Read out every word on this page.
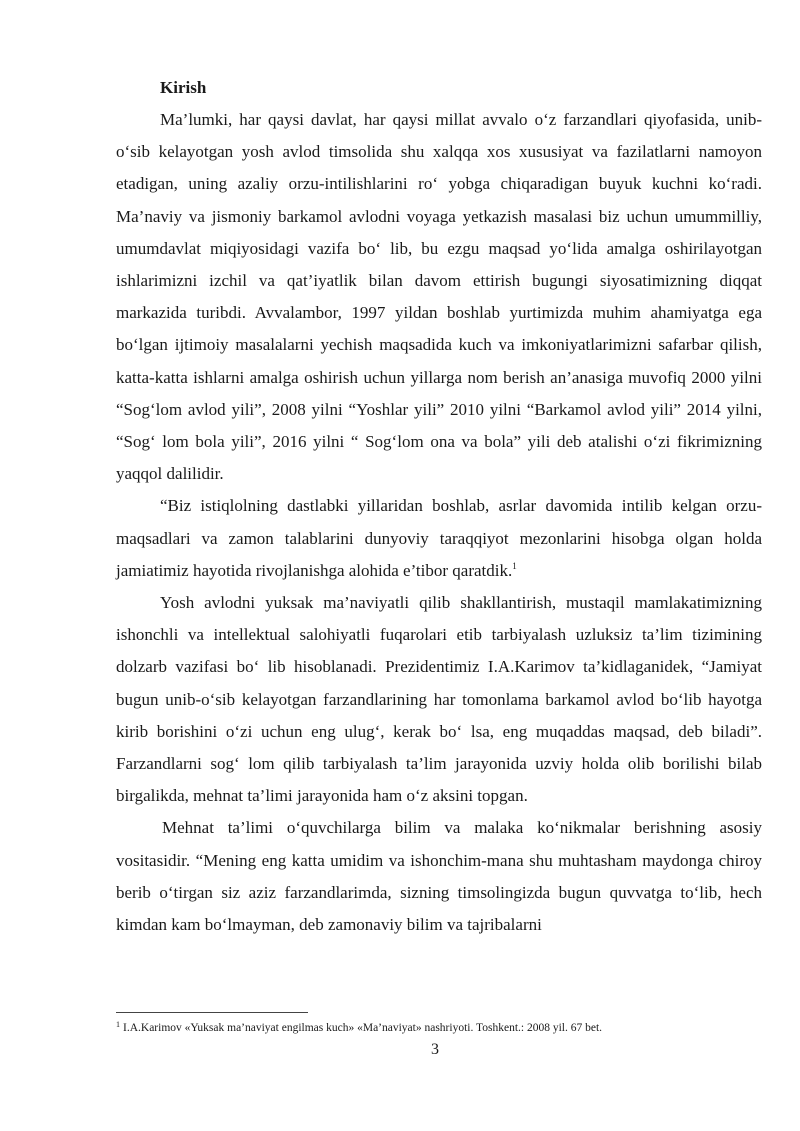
Kirish

Ma’lumki, har qaysi davlat, har qaysi millat avvalo o‘z farzandlari qiyofasida, unib-o‘sib kelayotgan yosh avlod timsolida shu xalqqa xos xususiyat va fazilatlarni namoyon etadigan, uning azaliy orzu-intilishlarini ro‘ yobga chiqaradigan buyuk kuchni ko‘radi. Ma’naviy va jismoniy barkamol avlodni voyaga yetkazish masalasi biz uchun umummilliy, umumdavlat miqiyosidagi vazifa bo‘ lib, bu ezgu maqsad yo‘lida amalga oshirilayotgan ishlarimizni izchil va qat’iyatlik bilan davom ettirish bugungi siyosatimizning diqqat markazida turibdi. Avvalambor, 1997 yildan boshlab yurtimizda muhim ahamiyatga ega bo‘lgan ijtimoiy masalalarni yechish maqsadida kuch va imkoniyatlarimizni safarbar qilish, katta-katta ishlarni amalga oshirish uchun yillarga nom berish an’anasiga muvofiq 2000 yilni “Sog‘lom avlod yili”, 2008 yilni “Yoshlar yili” 2010 yilni “Barkamol avlod yili” 2014 yilni, “Sog‘ lom bola yili”, 2016 yilni “ Sog‘lom ona va bola” yili deb atalishi o‘zi fikrimizning yaqqol dalilidir.

“Biz istiqlolning dastlabki yillaridan boshlab, asrlar davomida intilib kelgan orzu-maqsadlari va zamon talablarini dunyoviy taraqqiyot mezonlarini hisobga olgan holda jamiatimiz hayotida rivojlanishga alohida e’tibor qaratdik.$^1$

Yosh avlodni yuksak ma’naviyatli qilib shakllantirish, mustaqil mamlakatimizning ishonchli va intellektual salohiyatli fuqarolari etib tarbiyalash uzluksiz ta’lim tizimining dolzarb vazifasi bo‘ lib hisoblanadi. Prezidentimiz I.A.Karimov ta’kidlaganidek, “Jamiyat bugun unib-o‘sib kelayotgan farzandlarining har tomonlama barkamol avlod bo‘lib hayotga kirib borishini o‘zi uchun eng ulug‘, kerak bo‘ lsa, eng muqaddas maqsad, deb biladi”. Farzandlarni sog‘ lom qilib tarbiyalash ta’lim jarayonida uzviy holda olib borilishi bilab birgalikda, mehnat ta’limi jarayonida ham o‘z aksini topgan.

Mehnat ta’limi o‘quvchilarga bilim va malaka ko‘nikmalar berishning asosiy vositasidir. “Mening eng katta umidim va ishonchim-mana shu muhtasham maydonga chiroy berib o‘tirgan siz aziz farzandlarimda, sizning timsolingizda bugun quvvatga to‘lib, hech kimdan kam bo‘lmayman, deb zamonaviy bilim va tajribalarni

$^1$ I.A.Karimov «Yuksak ma’naviyat engilmas kuch» «Ma’naviyat» nashriyoti. Toshkent.: 2008 yil. 67 bet.
3
